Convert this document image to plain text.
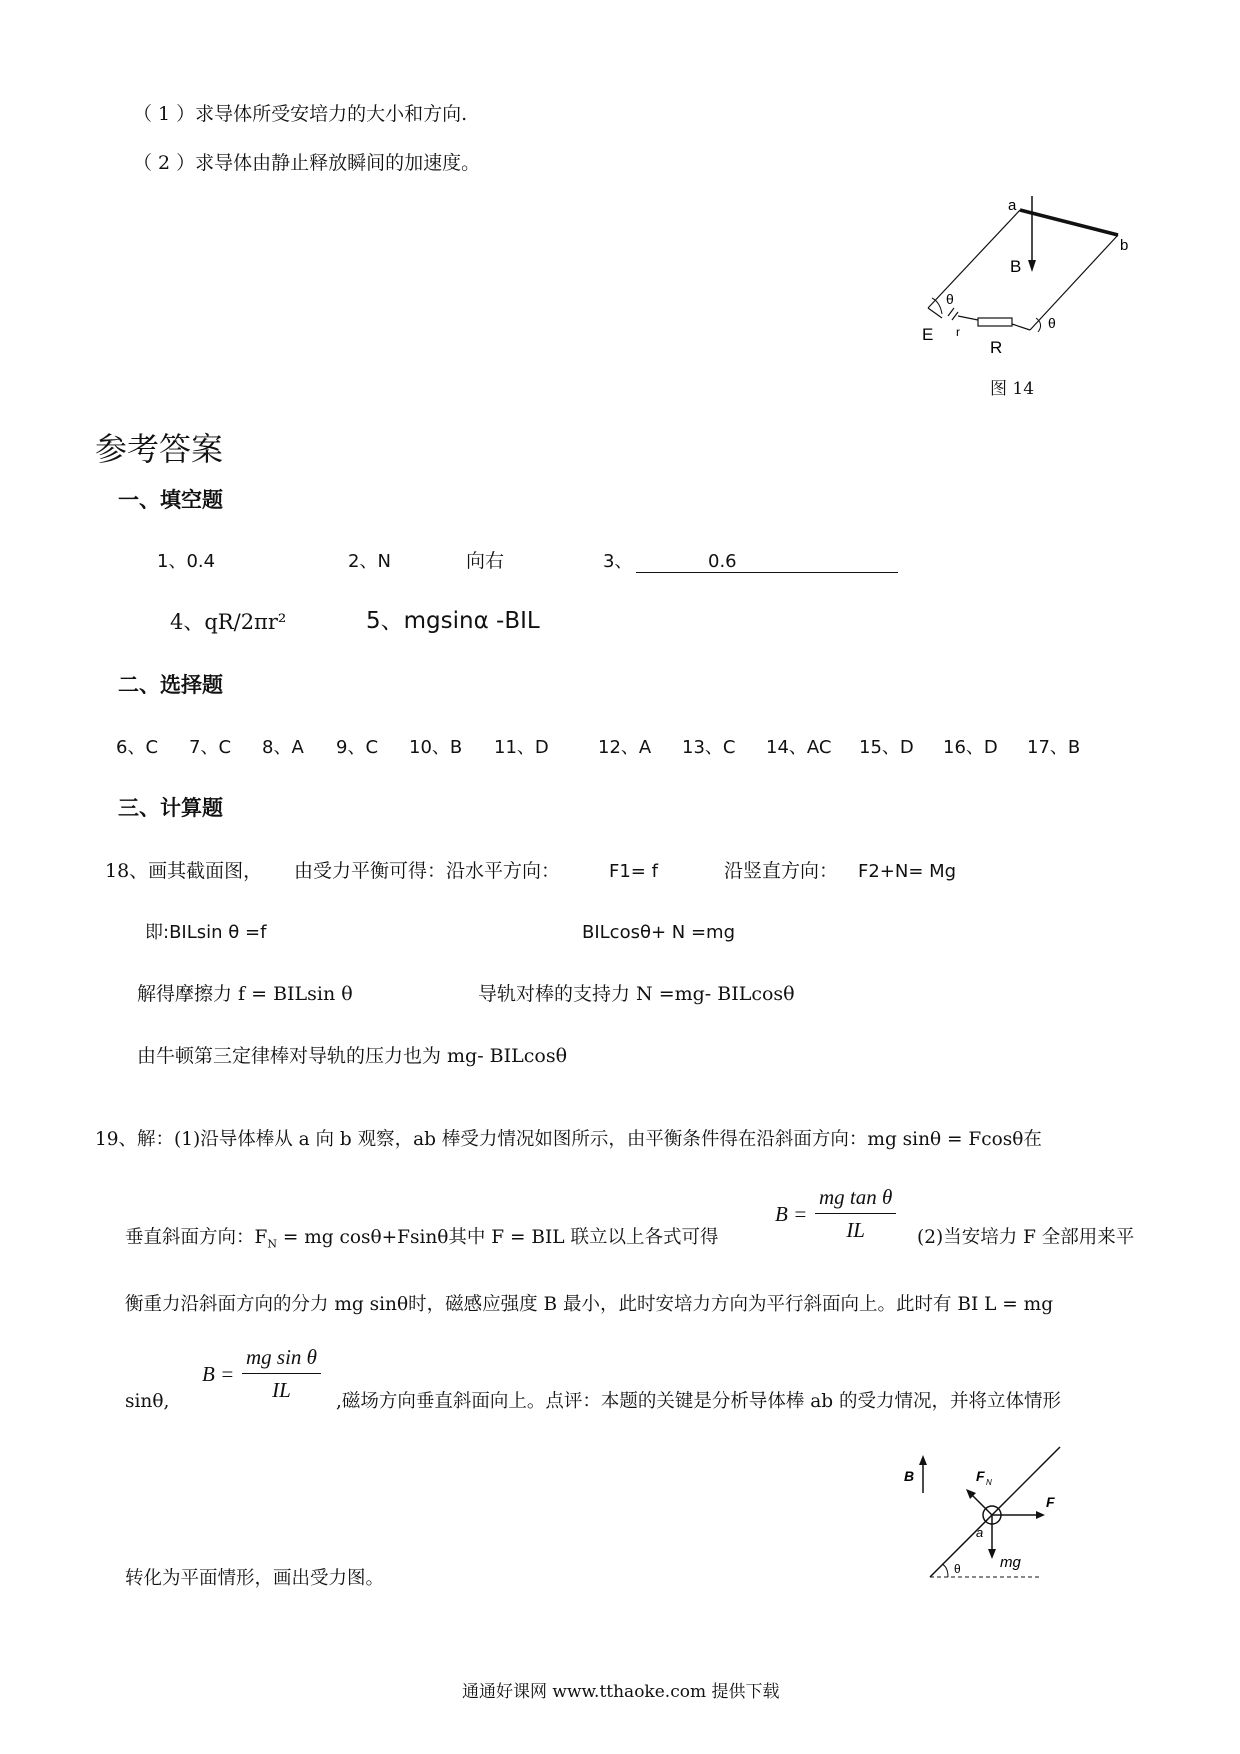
（ 1 ）求导体所受安培力的大小和方向.
（ 2 ）求导体由静止释放瞬间的加速度。
a
b
B
θ
θ
E r
R
图 14
参考答案
一、填空题
1、0.4	2、N	向右	3、	0.6
4、qR/2πr²	5、mgsinα -BIL
二、选择题
6、C 7、C 8、A 9、C 10、B 11、D	12、A 13、C 14、AC 15、D 16、D 17、B
三、计算题
18、画其截面图， 由受力平衡可得：沿水平方向：	F1= f	沿竖直方向： F2+N= Mg
即:BILsin θ =f	BILcosθ+ N =mg
解得摩擦力 f = BILsin θ	导轨对棒的支持力 N =mg- BILcosθ
由牛顿第三定律棒对导轨的压力也为 mg- BILcosθ
19、解：(1)沿导体棒从 a 向 b 观察，ab 棒受力情况如图所示，由平衡条件得在沿斜面方向：mg sinθ = Fcosθ在
垂直斜面方向：$F_N$ = mg cosθ+Fsinθ其中 F = BIL 联立以上各式可得
$B = \frac{\text{mg tan θ}}{IL} (2)$当安培力 F 全部用来平
衡重力沿斜面方向的分力 mg sinθ时，磁感应强度 B 最小，此时安培力方向为平行斜面向上。此时有 BI L = mg
sinθ,
$B = \frac{\text{mg sin θ}}{IL}$ ,磁场方向垂直斜面向上。点评：本题的关键是分析导体棒 ab 的受力情况，并将立体情形
转化为平面情形，画出受力图。
B	F N
F
a
mg
θ
通通好课网 www.tthaoke.com 提供下载
